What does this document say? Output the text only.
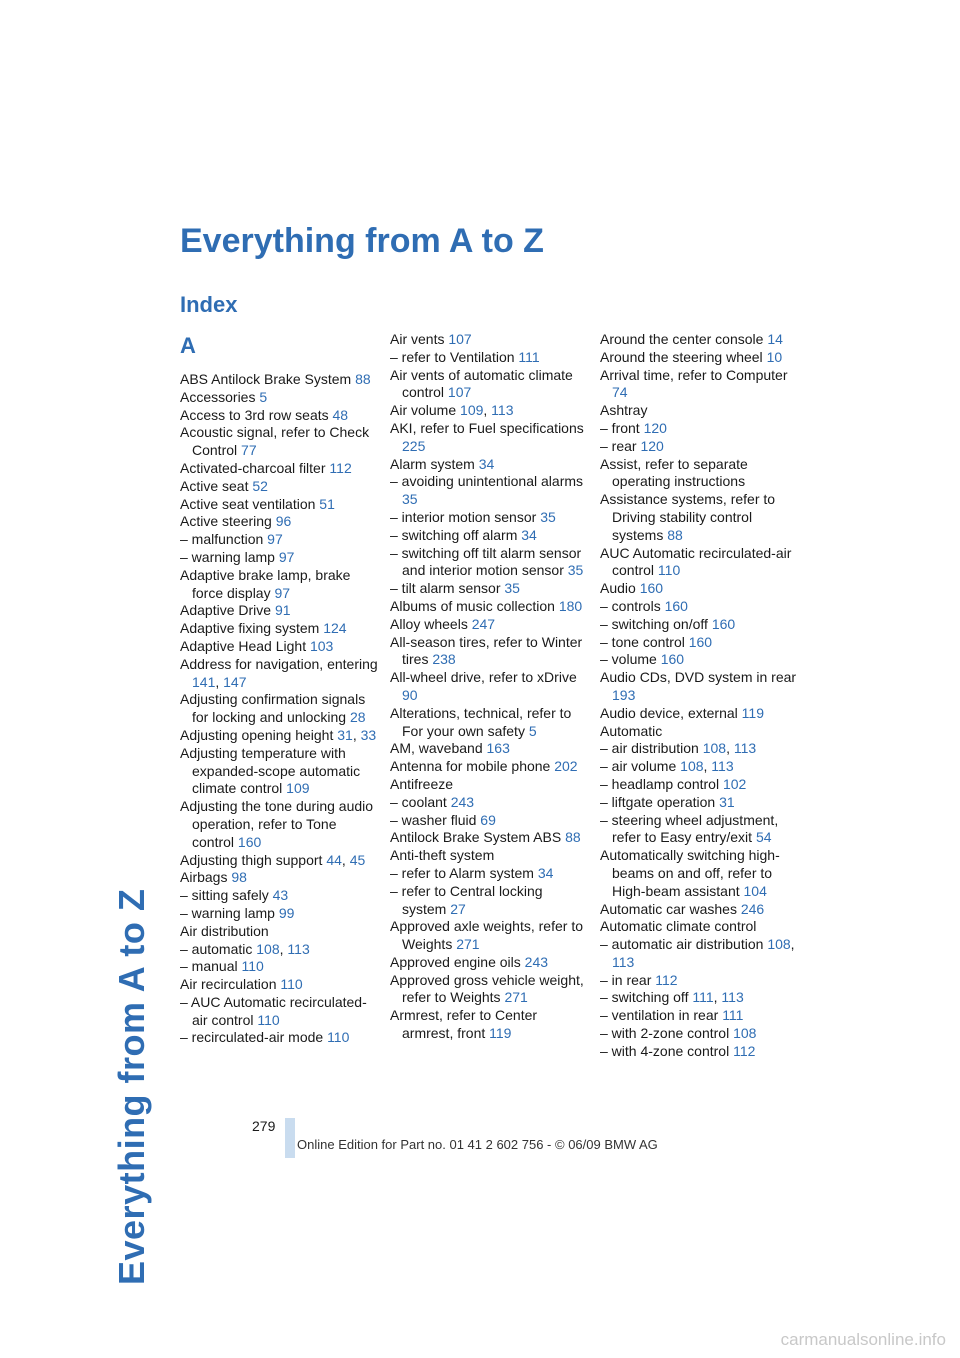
Everything from A to Z
Everything from A to Z
Index
A
ABS Antilock Brake System 88
Accessories 5
Access to 3rd row seats 48
Acoustic signal, refer to Check Control 77
Activated-charcoal filter 112
Active seat 52
Active seat ventilation 51
Active steering 96
– malfunction 97
– warning lamp 97
Adaptive brake lamp, brake force display 97
Adaptive Drive 91
Adaptive fixing system 124
Adaptive Head Light 103
Address for navigation, entering 141, 147
Adjusting confirmation signals for locking and unlocking 28
Adjusting opening height 31, 33
Adjusting temperature with expanded-scope automatic climate control 109
Adjusting the tone during audio operation, refer to Tone control 160
Adjusting thigh support 44, 45
Airbags 98
– sitting safely 43
– warning lamp 99
Air distribution
– automatic 108, 113
– manual 110
Air recirculation 110
– AUC Automatic recirculated-air control 110
– recirculated-air mode 110
Air vents 107
– refer to Ventilation 111
Air vents of automatic climate control 107
Air volume 109, 113
AKI, refer to Fuel specifications 225
Alarm system 34
– avoiding unintentional alarms 35
– interior motion sensor 35
– switching off alarm 34
– switching off tilt alarm sensor and interior motion sensor 35
– tilt alarm sensor 35
Albums of music collection 180
Alloy wheels 247
All-season tires, refer to Winter tires 238
All-wheel drive, refer to xDrive 90
Alterations, technical, refer to For your own safety 5
AM, waveband 163
Antenna for mobile phone 202
Antifreeze
– coolant 243
– washer fluid 69
Antilock Brake System ABS 88
Anti-theft system
– refer to Alarm system 34
– refer to Central locking system 27
Approved axle weights, refer to Weights 271
Approved engine oils 243
Approved gross vehicle weight, refer to Weights 271
Armrest, refer to Center armrest, front 119
Around the center console 14
Around the steering wheel 10
Arrival time, refer to Computer 74
Ashtray
– front 120
– rear 120
Assist, refer to separate operating instructions
Assistance systems, refer to Driving stability control systems 88
AUC Automatic recirculated-air control 110
Audio 160
– controls 160
– switching on/off 160
– tone control 160
– volume 160
Audio CDs, DVD system in rear 193
Audio device, external 119
Automatic
– air distribution 108, 113
– air volume 108, 113
– headlamp control 102
– liftgate operation 31
– steering wheel adjustment, refer to Easy entry/exit 54
Automatically switching high-beams on and off, refer to High-beam assistant 104
Automatic car washes 246
Automatic climate control
– automatic air distribution 108, 113
– in rear 112
– switching off 111, 113
– ventilation in rear 111
– with 2-zone control 108
– with 4-zone control 112
279
Online Edition for Part no. 01 41 2 602 756 - © 06/09 BMW AG
carmanualsonline.info
